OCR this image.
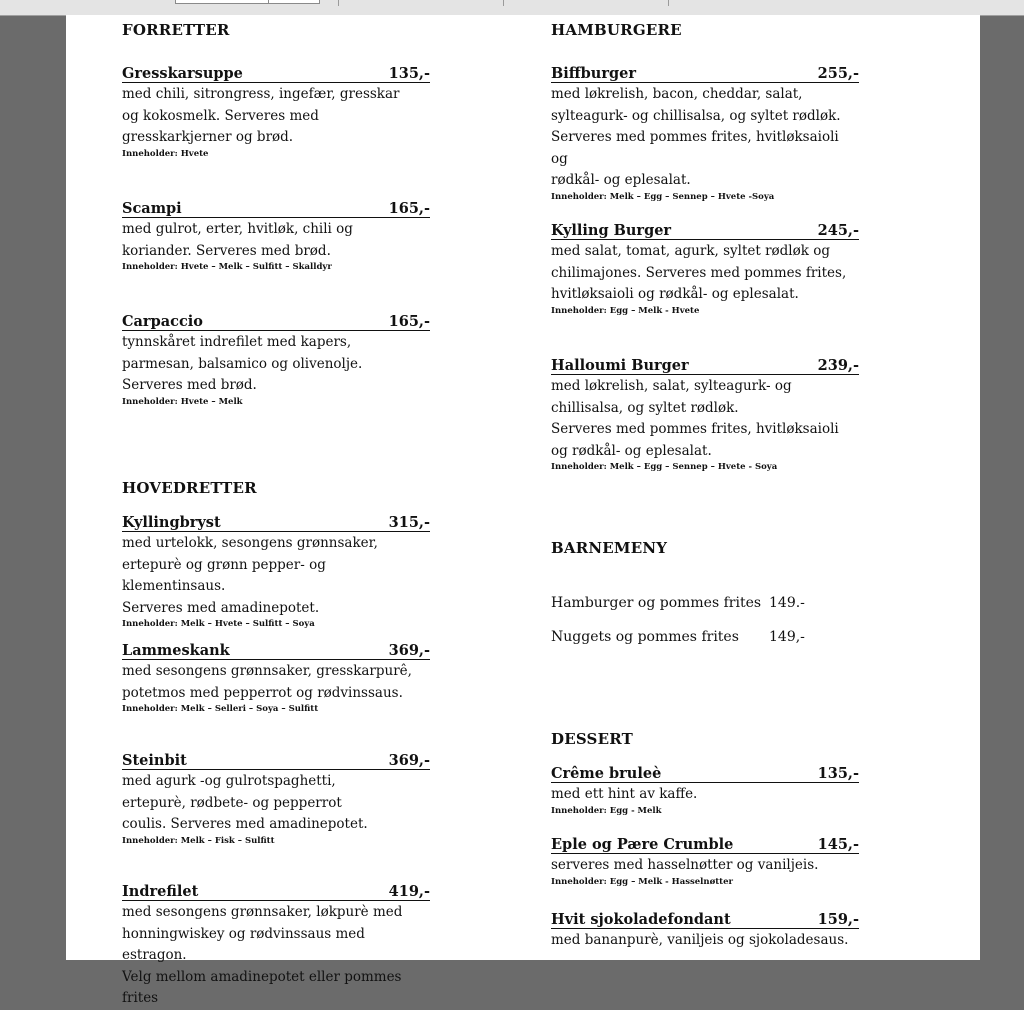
FORRETTER
Gresskarsuppe	135,-
med chili, sitrongress, ingefær, gresskar
og kokosmelk. Serveres med
gresskarkjerner og brød.
Inneholder: Hvete
Scampi	165,-
med gulrot, erter, hvitløk, chili og
koriander. Serveres med brød.
Inneholder: Hvete – Melk – Sulfitt – Skalldyr
Carpaccio	165,-
tynnskåret indrefilet med kapers,
parmesan, balsamico og olivenolje.
Serveres med brød.
Inneholder: Hvete – Melk
HOVEDRETTER
Kyllingbryst	315,-
med urtelokk, sesongens grønnsaker,
ertepurè og grønn pepper- og klementinsaus.
Serveres med amadinepotet.
Inneholder: Melk – Hvete – Sulfitt – Soya
Lammeskank	369,-
med sesongens grønnsaker, gresskarpurê,
potetmos med pepperrot og rødvinssaus.
Inneholder: Melk – Selleri – Soya – Sulfitt
Steinbit	369,-
med agurk -og gulrotspaghetti,
ertepurè, rødbete- og pepperrot
coulis. Serveres med amadinepotet.
Inneholder: Melk – Fisk – Sulfitt
Indrefilet	419,-
med sesongens grønnsaker, løkpurè med
honningwiskey og rødvinssaus med estragon.
Velg mellom amadinepotet eller pommes frites
HAMBURGERE
Biffburger	255,-
med løkrelish, bacon, cheddar, salat,
sylteagurk- og chillisalsa, og syltet rødløk.
Serveres med pommes frites, hvitløksaioli og
rødkål- og eplesalat.
Inneholder: Melk – Egg – Sennep – Hvete -Soya
Kylling Burger	245,-
med salat, tomat, agurk, syltet rødløk og
chilimajones. Serveres med pommes frites,
hvitløksaioli og rødkål- og eplesalat.
Inneholder: Egg – Melk - Hvete
Halloumi Burger	239,-
med løkrelish, salat, sylteagurk- og
chillisalsa, og syltet rødløk.
Serveres med pommes frites, hvitløksaioli
og rødkål- og eplesalat.
Inneholder: Melk – Egg – Sennep – Hvete - Soya
BARNEMENY
Hamburger og pommes frites 149.-
Nuggets og pommes frites	149,-
DESSERT
Crême bruleè	135,-
med ett hint av kaffe.
Inneholder: Egg - Melk
Eple og Pære Crumble	145,-
serveres med hasselnøtter og vaniljeis.
Inneholder: Egg – Melk - Hasselnøtter
Hvit sjokoladefondant	159,-
med bananpurè, vaniljeis og sjokoladesaus.
